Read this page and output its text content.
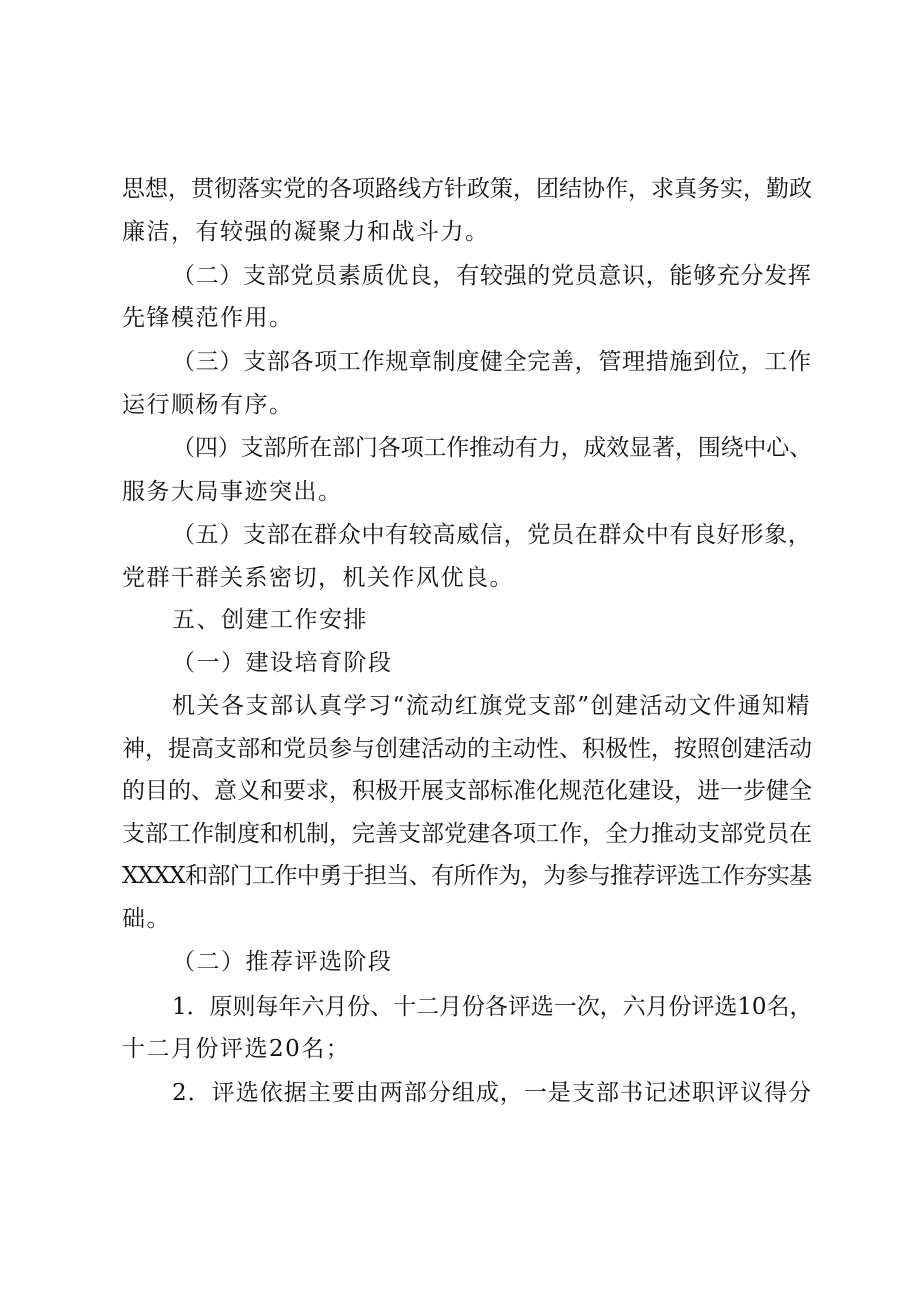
思想，贯彻落实党的各项路线方针政策，团结协作，求真务实，勤政
廉洁，有较强的凝聚力和战斗力。
（二）支部党员素质优良，有较强的党员意识，能够充分发挥
先锋模范作用。
（三）支部各项工作规章制度健全完善，管理措施到位，工作
运行顺杨有序。
（四）支部所在部门各项工作推动有力，成效显著，围绕中心、
服务大局事迹突出。
（五）支部在群众中有较高威信，党员在群众中有良好形象，
党群干群关系密切，机关作风优良。
五、创建工作安排
（一）建设培育阶段
机关各支部认真学习“流动红旗党支部”创建活动文件通知精
神，提高支部和党员参与创建活动的主动性、积极性，按照创建活动
的目的、意义和要求，积极开展支部标准化规范化建设，进一步健全
支部工作制度和机制，完善支部党建各项工作，全力推动支部党员在
XXXX和部门工作中勇于担当、有所作为，为参与推荐评选工作夯实基
础。
（二）推荐评选阶段
1．原则每年六月份、十二月份各评选一次，六月份评选10名，
十二月份评选20名；
2．评选依据主要由两部分组成，一是支部书记述职评议得分
